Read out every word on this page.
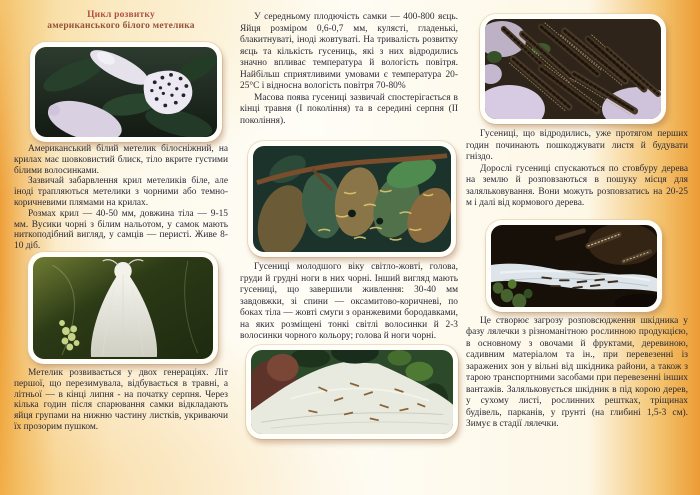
Цикл розвитку
американського білого метелика

Американський білий метелик білосніжний, на крилах має шовковистий блиск, тіло вкрите густими білими волосинками.

Зазвичай забарвлення крил метеликів біле, але іноді трапляються метелики з чорними або темно-коричневими плямами на крилах.

Розмах крил — 40-50 мм, довжина тіла — 9-15 мм. Вусики чорні з білим нальотом, у самок мають ниткоподібний вигляд, у самців — перисті. Живе 8-10 діб.

Метелик розвивається у двох генераціях. Літ першої, що перезимувала, відбувається в травні, а літньої — в кінці липня - на початку серпня. Через кілька годин після спарювання самки відкладають яйця групами на нижню частину листків, укриваючи їх прозорим пушком.

У середньому плодючість самки — 400-800 яєць. Яйця розміром 0,6-0,7 мм, кулясті, гладенькі, блакитнуваті, іноді жовтуваті. На тривалість розвитку яєць та кількість гусениць, які з них відродились значно впливає температура й вологість повітря. Найбільш сприятливими умовами є температура 20-25°С і відносна вологість повітря 70-80%

Масова поява гусениці зазвичай спостерігається в кінці травня (І покоління) та в середині серпня (ІІ покоління).

Гусениці молодшого віку світло-жовті, голова, груди й грудні ноги в них чорні. Інший вигляд мають гусениці, що завершили живлення: 30-40 мм завдовжки, зі спини — оксамитово-коричневі, по боках тіла — жовті смуги з оранжевими бородавками, на яких розміщені тонкі світлі волосинки й 2-3 волосинки чорного кольору; голова й ноги чорні.

Гусениці, що відродились, уже протягом перших годин починають пошкоджувати листя й будувати гніздо.

Дорослі гусениці спускаються по стовбуру дерева на землю й розповзаються в пошуку місця для заляльковування. Вони можуть розповзатись на 20-25 м і далі від кормового дерева.

Це створює загрозу розповсюдження шкідника у фазу лялечки з різноманітною рослинною продукцією, в основному з овочами й фруктами, деревиною, садивним матеріалом та ін., при перевезенні із заражених зон у вільні від шкідника райони, а також з тарою транспортними засобами при перевезенні інших вантажів. Заляльковується шкідник в під корою дерев, у сухому листі, рослинних рештках, тріщинах будівель, парканів, у ґрунті (на глибині 1,5-3 см). Зимує в стадії лялечки.
